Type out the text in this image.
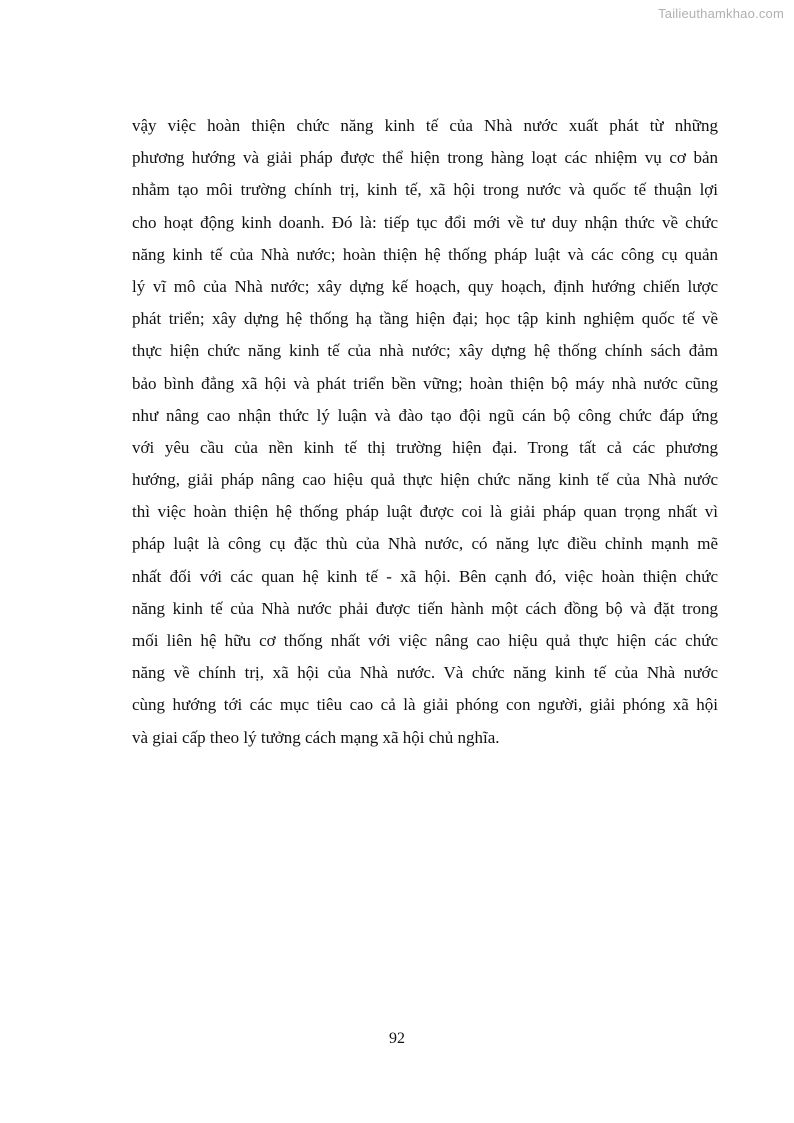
Tailieuthamkhao.com
vậy việc hoàn thiện chức năng kinh tế của Nhà nước xuất phát từ những
phương hướng và giải pháp được thể hiện trong hàng loạt các nhiệm vụ cơ bản
nhằm tạo môi trường chính trị, kinh tế, xã hội trong nước và quốc tế thuận lợi
cho hoạt động kinh doanh. Đó là: tiếp tục đổi mới về tư duy nhận thức về chức
năng kinh tế của Nhà nước; hoàn thiện hệ thống pháp luật và các công cụ quản
lý vĩ mô của Nhà nước; xây dựng kế hoạch, quy hoạch, định hướng chiến lược
phát triển; xây dựng hệ thống hạ tầng hiện đại; học tập kinh nghiệm quốc tế về
thực hiện chức năng kinh tế của nhà nước; xây dựng hệ thống chính sách đảm
bảo bình đẳng xã hội và phát triển bền vững; hoàn thiện bộ máy nhà nước cũng
như nâng cao nhận thức lý luận và đào tạo đội ngũ cán bộ công chức đáp ứng
với yêu cầu của nền kinh tế thị trường hiện đại. Trong tất cả các phương
hướng, giải pháp nâng cao hiệu quả thực hiện chức năng kinh tế của Nhà nước
thì việc hoàn thiện hệ thống pháp luật được coi là giải pháp quan trọng nhất vì
pháp luật là công cụ đặc thù của Nhà nước, có năng lực điều chỉnh mạnh mẽ
nhất đối với các quan hệ kinh tế - xã hội. Bên cạnh đó, việc hoàn thiện chức
năng kinh tế của Nhà nước phải được tiến hành một cách đồng bộ và đặt trong
mối liên hệ hữu cơ thống nhất với việc nâng cao hiệu quả thực hiện các chức
năng về chính trị, xã hội của Nhà nước. Và chức năng kinh tế của Nhà nước
cùng hướng tới các mục tiêu cao cả là giải phóng con người, giải phóng xã hội
và giai cấp theo lý tưởng cách mạng xã hội chủ nghĩa.
92
